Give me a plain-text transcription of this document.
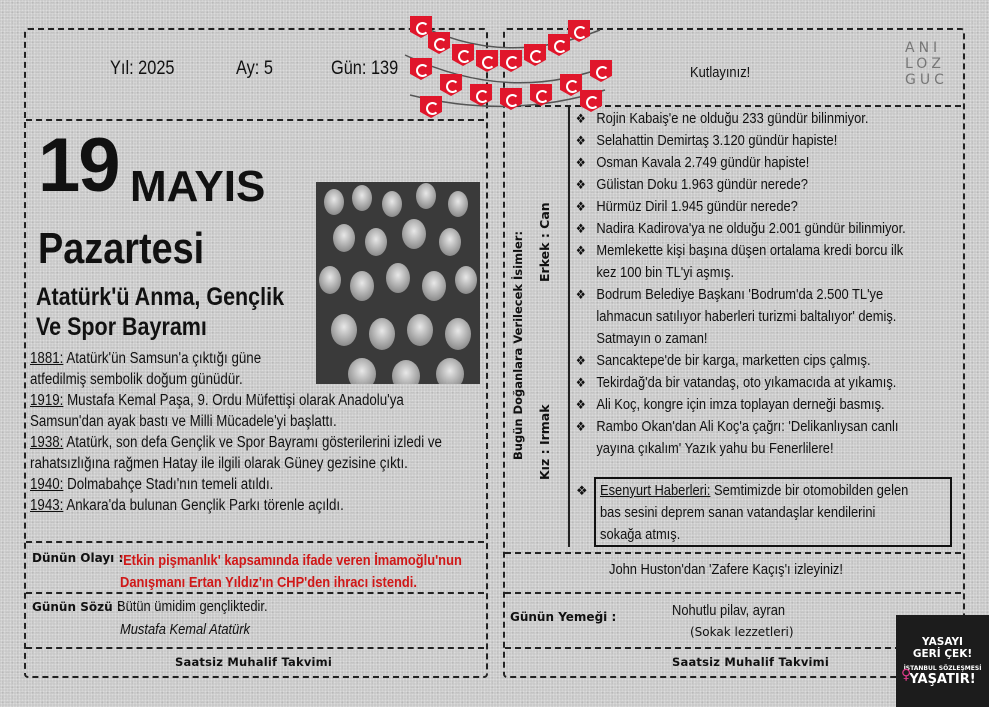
Yıl: 2025	Ay: 5	Gün: 139	Kutlayınız!
ANI
LOZ
GUC
19 MAYIS
Pazartesi
Atatürk'ü Anma, Gençlik
Ve Spor Bayramı
1881: Atatürk'ün Samsun'a çıktığı güne
atfedilmiş sembolik doğum günüdür.
1919: Mustafa Kemal Paşa, 9. Ordu Müfettişi olarak Anadolu'ya
Samsun'dan ayak bastı ve Milli Mücadele'yi başlattı.
1938: Atatürk, son defa Gençlik ve Spor Bayramı gösterilerini izledi ve
rahatsızlığına rağmen Hatay ile ilgili olarak Güney gezisine çıktı.
1940: Dolmabahçe Stadı'nın temeli atıldı.
1943: Ankara'da bulunan Gençlik Parkı törenle açıldı.
Dünün Olayı :
'Etkin pişmanlık' kapsamında ifade veren İmamoğlu'nun
Danışmanı Ertan Yıldız'ın CHP'den ihracı istendi.
Günün Sözü :
Bütün ümidim gençliktedir.
Mustafa Kemal Atatürk
Saatsiz Muhalif Takvimi
Bugün Doğanlara Verilecek İsimler: Erkek : Can
Kız : Irmak
❖ Rojin Kabaiş'e ne olduğu 233 gündür bilinmiyor.
❖ Selahattin Demirtaş 3.120 gündür hapiste!
❖ Osman Kavala 2.749 gündür hapiste!
❖ Gülistan Doku 1.963 gündür nerede?
❖ Hürmüz Diril 1.945 gündür nerede?
❖ Nadira Kadirova'ya ne olduğu 2.001 gündür bilinmiyor.
❖ Memlekette kişi başına düşen ortalama kredi borcu ilk
kez 100 bin TL'yi aşmış.
❖ Bodrum Belediye Başkanı 'Bodrum'da 2.500 TL'ye
lahmacun satılıyor haberleri turizmi baltalıyor' demiş.
Satmayın o zaman!
❖ Sancaktepe'de bir karga, marketten cips çalmış.
❖ Tekirdağ'da bir vatandaş, oto yıkamacıda at yıkamış.
❖ Ali Koç, kongre için imza toplayan derneği basmış.
❖ Rambo Okan'dan Ali Koç'a çağrı: 'Delikanlıysan canlı
yayına çıkalım' Yazık yahu bu Fenerlilere!
❖ Esenyurt Haberleri: Semtimizde bir otomobilden gelen
bas sesini deprem sanan vatandaşlar kendilerini
sokağa atmış.
John Huston'dan 'Zafere Kaçış'ı izleyiniz!
Günün Yemeği :	Nohutlu pilav, ayran
(Sokak lezzetleri)
Saatsiz Muhalif Takvimi
YASAYI
GERİ ÇEK!
İSTANBUL SÖZLEŞMESİ
YAŞATIR!
♀
